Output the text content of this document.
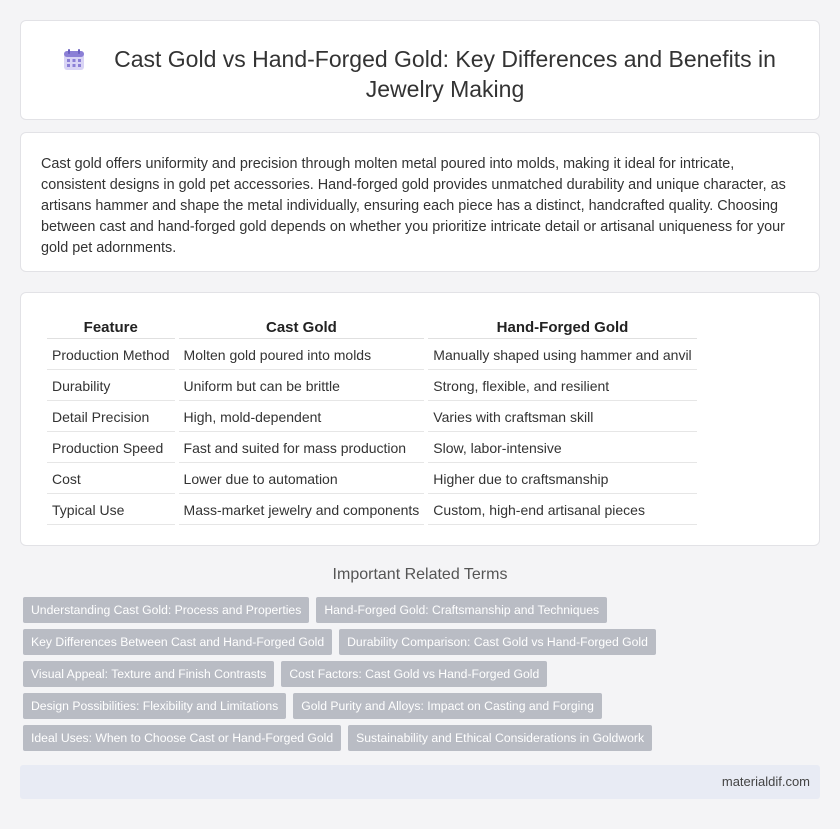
Cast Gold vs Hand-Forged Gold: Key Differences and Benefits in Jewelry Making

Cast gold offers uniformity and precision through molten metal poured into molds, making it ideal for intricate, consistent designs in gold pet accessories. Hand-forged gold provides unmatched durability and unique character, as artisans hammer and shape the metal individually, ensuring each piece has a distinct, handcrafted quality. Choosing between cast and hand-forged gold depends on whether you prioritize intricate detail or artisanal uniqueness for your gold pet adornments.

Feature	Cast Gold	Hand-Forged Gold
Production Method	Molten gold poured into molds	Manually shaped using hammer and anvil
Durability	Uniform but can be brittle	Strong, flexible, and resilient
Detail Precision	High, mold-dependent	Varies with craftsman skill
Production Speed	Fast and suited for mass production	Slow, labor-intensive
Cost	Lower due to automation	Higher due to craftsmanship
Typical Use	Mass-market jewelry and components	Custom, high-end artisanal pieces
Important Related Terms
Understanding Cast Gold: Process and Properties	Hand-Forged Gold: Craftsmanship and Techniques
Key Differences Between Cast and Hand-Forged Gold	Durability Comparison: Cast Gold vs Hand-Forged Gold
Visual Appeal: Texture and Finish Contrasts	Cost Factors: Cast Gold vs Hand-Forged Gold
Design Possibilities: Flexibility and Limitations	Gold Purity and Alloys: Impact on Casting and Forging
Ideal Uses: When to Choose Cast or Hand-Forged Gold	Sustainability and Ethical Considerations in Goldwork
materialdif.com
